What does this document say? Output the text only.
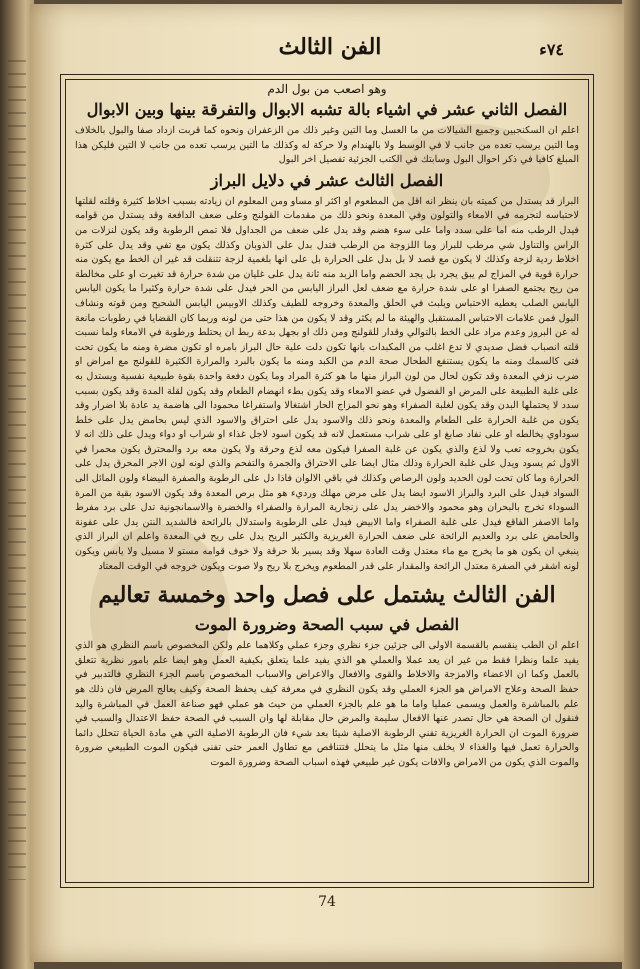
الفن الثالث	٧٤ء
وهو اصعب من بول الدم
الفصل الثاني عشر في اشياء بالة تشبه الابوال والتفرقة بينها وبين الابوال

اعلم ان السكنجبين وجميع الشيالات من ما العسل وما التين وغير ذلك من الزعفران ونحوه كما قربت ازداد صفا والبول بالخلاف وما التين يرسب تعده من جانب لا في الوسط ولا بالهندام ولا حركة له وكذلك ما التين يرسب تعده من جانب لا التين فليكن هذا المبلغ كافيا في ذكر احوال البول وسابتك في الكتب الجزئية تفصيل اخر البول

الفصل الثالث عشر في دلايل البراز

البراز قد يستدل من كميته بان ينظر انه اقل من المطعوم او اكثر او مساو ومن المعلوم ان زيادته بسبب اخلاط كثيرة وقلته لقلتها لاحتباسه لتجرمه في الامعاء والتولون وفي المعدة ونحو ذلك من مقدمات القولنج وعلى ضعف الدافعة وقد يستدل من قوامه فيدل الرطب منه اما على سدد واما على سوء هضم وقد يدل على ضعف من الجداول فلا تمص الرطوبة وقد يكون لنزلات من الراس والتناول شي مرطب للبراز وما اللزوجة من الرطب فتدل بدل على الذوبان وكذلك يكون مع تفي وقد يدل على كثرة اخلاط ردية لزجة وكذلك لا يكون مع قصد لا بل بدل على الحرارة بل على انها بلغمية لزجة تتنقلت قد غير ان الخط مع يكون منه حرارة قوية في المزاج لم يبق يجرد بل يجد الحضم واما الزبد منه ثانة يدل على غليان من شدة حرارة قد تغيرت او على مخالطة من ريح يجتمع الصفرا او على شدة حرارة مع ضعف لعل البراز اليابس من الحر فيدل على شدة حرارة وكثيرا ما يكون اليابس اليابس الصلب يعطيه الاحتباس ويلبث في الحلق والمعدة وخروجه للطيف وكذلك الاوبيس اليابس الشحيح ومن قوته ونشاف البول فمن علامات الاحتباس المستقبل والهيئة ما لم يكثر وقد لا يكون من هذا حتى من لونه وربما كان القضايا في رطوبات مانعة له عن البروز وعدم مراد على الخط بالتوالي وقدار للقولنج ومن ذلك او بجهل بدعة ربط ان يحتلط ورطوبة في الامعاء ولما نسبت قلته انصباب فضل صديدي لا تدع اغلب من المكبدات بانها تكون دلت علية حال البراز بامره او تكون مضرة ومنه ما يكون تحت فتى كالسمك ومنه ما يكون يستنفع الطحال صحة الدم من الكبد ومنه ما يكون بالبرد والمرارة الكثيرة للقولنج مع امراض او ضرب نزفي المعدة وقد تكون لحال من لون البراز منها ما هو كثرة المراد وما يكون دفعة واحدة بقوة طبيعية نفسية ويستدل به على غلبة الطبيعة على المرض او الفضول في عضو الامعاء وقد يكون بطء انهضام الطعام وقد يكون لقلة المدة وقد يكون بسبب سدد لا يحتملها البدن وقد يكون لغلبة الصفراء وهو نحو المزاج الحار اشتغالا واستفراغا محمودا الى هاضمة يد عادة بلا اضرار وقد يكون من غلبة الحرارة على الطعام والمعدة ونحو ذلك والاسود يدل على احتراق والاسود الذي ليس بحامض يدل على خلط سوداوي يخالطه او على نفاد صابغ او على شراب مستعمل لانه قد يكون اسود لاجل غذاء او شراب او دواء ويدل على ذلك انه لا يكون بخروجه تعب ولا لذع والذي يكون عن غلبة الصفرا فيكون معه لذع وحرقة ولا يكون معه برد والمحترق يكون محمرا في الاول ثم يسود ويدل على غلبة الحرارة وذلك مثال ايضا على الاحتراق والجمرة والتفحم والذي لونه لون الاجر المحرق يدل على الحرارة وما كان تحت لون الحديد ولون الرصاص وكذلك في باقي الالوان فاذا دل على الرطوبة والصفرة البيضاء ولون المائل الى السواد فيدل على البرد والبراز الاسود ايضا يدل على مرض مهلك ورديء هو مثل برص المعدة وقد يكون الاسود بقية من المرة السوداء تخرج بالبحران وهو محمود والاخضر يدل على زنجارية المرارة والصفراء والخضرة والاسمانجونية تدل على برد مفرط واما الاصفر الفاقع فيدل على غلبة الصفراء واما الابيض فيدل على الرطوبة واستدلال بالرائحة فالشديد النتن يدل على عفونة والحامض على برد والعديم الرائحة على ضعف الحرارة الغريزية والكثير الريح يدل على ريح في المعدة واعلم ان البراز الذي ينبغي ان يكون هو ما يخرج مع ماء معتدل وقت العادة سهلا وقد يسير بلا حرقة ولا خوف قوامه مستو لا مسيل ولا يابس ويكون لونه اشقر في الصفرة معتدل الرائحة والمقدار على قدر المطعوم ويخرج بلا ريح ولا صوت ويكون خروجه في الوقت المعتاد

الفن الثالث يشتمل على فصل واحد وخمسة تعاليم
الفصل في سبب الصحة وضرورة الموت

اعلم ان الطب ينقسم بالقسمة الاولى الى جزئين جزء نظري وجزء عملي وكلاهما علم ولكن المخصوص باسم النظري هو الذي يفيد علما ونظرا فقط من غير ان يعد عملا والعملي هو الذي يفيد علما يتعلق بكيفية العمل وهو ايضا علم بامور نظرية تتعلق بالعمل وكما ان الاعضاء والامزجة والاخلاط والقوى والافعال والاعراض والاسباب المخصوص باسم الجزء النظري فالتدبير في حفظ الصحة وعلاج الامراض هو الجزء العملي وقد يكون النظري في معرفة كيف يحفظ الصحة وكيف يعالج المرض فان ذلك هو علم بالمباشرة والعمل ويسمى عمليا واما ما هو علم بالجزء العملي من حيث هو عملي فهو صناعة العمل في المباشرة واليد فنقول ان الصحة هي حال تصدر عنها الافعال سليمة والمرض حال مقابلة لها وان السبب في الصحة حفظ الاعتدال والسبب في ضرورة الموت ان الحرارة الغريزية تفني الرطوبة الاصلية شيئا بعد شيء فان الرطوبة الاصلية التي هي مادة الحياة تتحلل دائما والحرارة تعمل فيها والغذاء لا يخلف منها مثل ما يتحلل فتتناقص مع تطاول العمر حتى تفنى فيكون الموت الطبيعي ضرورة والموت الذي يكون من الامراض والافات يكون غير طبيعي فهذه اسباب الصحة وضرورة الموت

74
